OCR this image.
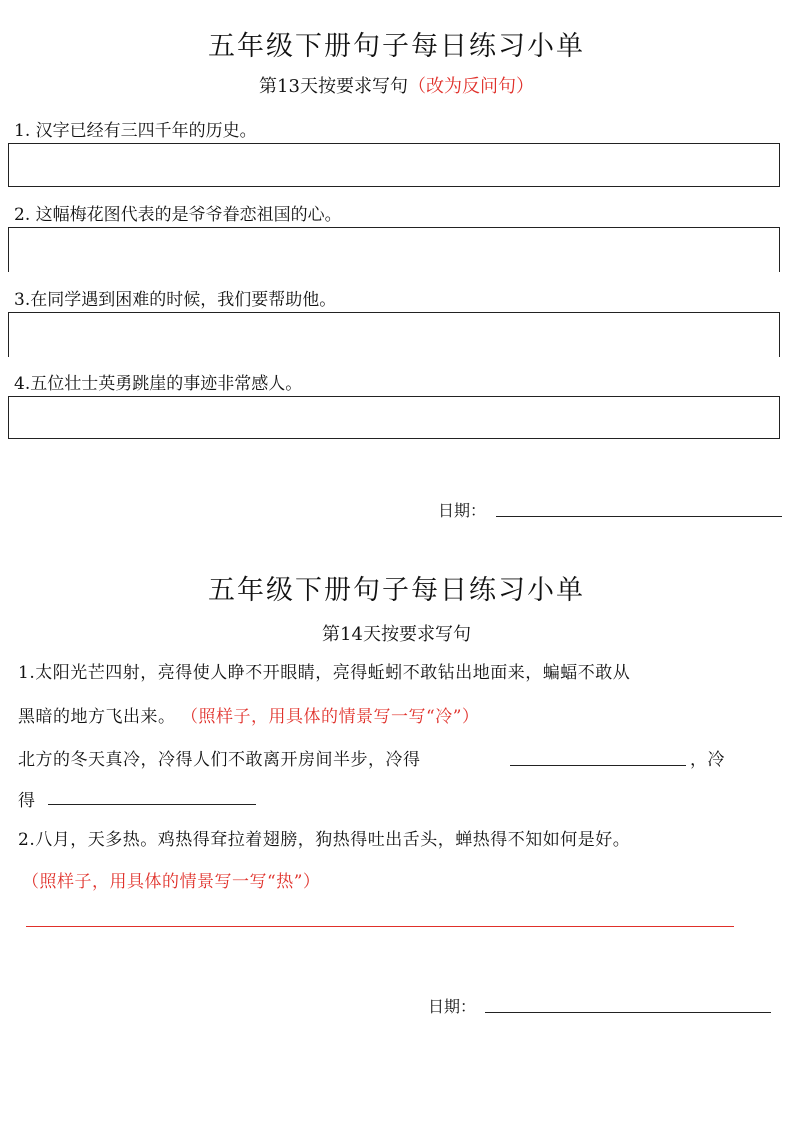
五年级下册句子每日练习小单
第13天按要求写句（改为反问句）
1. 汉字已经有三四千年的历史。
2. 这幅梅花图代表的是爷爷眷恋祖国的心。
3.在同学遇到困难的时候，我们要帮助他。
4.五位壮士英勇跳崖的事迹非常感人。
日期：
五年级下册句子每日练习小单
第14天按要求写句
1.太阳光芒四射，亮得使人睁不开眼睛，亮得蚯蚓不敢钻出地面来，蝙蝠不敢从
黑暗的地方飞出来。 （照样子，用具体的情景写一写“冷”）
北方的冬天真冷，冷得人们不敢离开房间半步，冷得	，冷
得
2.八月，天多热。鸡热得耷拉着翅膀，狗热得吐出舌头，蝉热得不知如何是好。
（照样子，用具体的情景写一写“热”）
日期：
